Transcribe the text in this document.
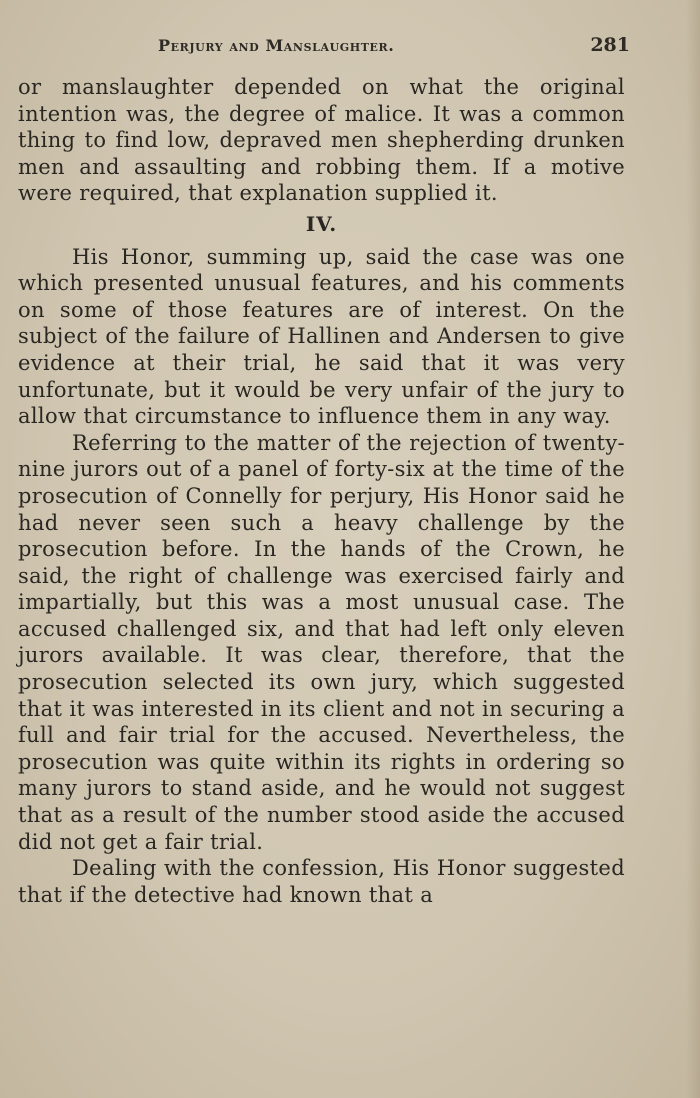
Perjury and Manslaughter.	281

or manslaughter depended on what the original intention was, the degree of malice. It was a common thing to find low, depraved men shepherding drunken men and assaulting and robbing them. If a motive were required, that explanation supplied it.

IV.

His Honor, summing up, said the case was one which presented unusual features, and his comments on some of those features are of interest. On the subject of the failure of Hallinen and Andersen to give evidence at their trial, he said that it was very unfortunate, but it would be very unfair of the jury to allow that circumstance to influence them in any way.

Referring to the matter of the rejection of twenty-nine jurors out of a panel of forty-six at the time of the prosecution of Connelly for perjury, His Honor said he had never seen such a heavy challenge by the prosecution before. In the hands of the Crown, he said, the right of challenge was exercised fairly and impartially, but this was a most unusual case. The accused challenged six, and that had left only eleven jurors available. It was clear, therefore, that the prosecution selected its own jury, which suggested that it was interested in its client and not in securing a full and fair trial for the accused. Nevertheless, the prosecution was quite within its rights in ordering so many jurors to stand aside, and he would not suggest that as a result of the number stood aside the accused did not get a fair trial.

Dealing with the confession, His Honor suggested that if the detective had known that a
